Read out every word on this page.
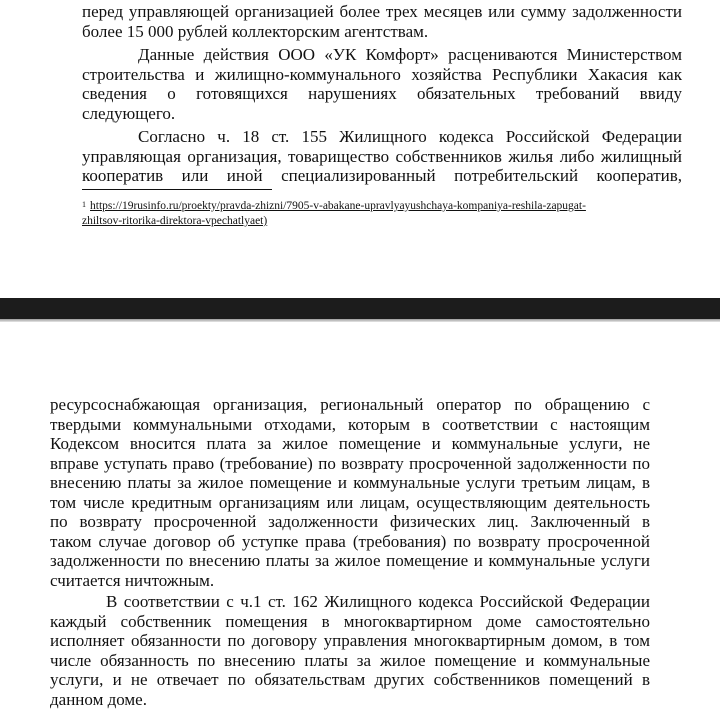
перед управляющей организацией более трех месяцев или сумму задолженности
более 15 000 рублей коллекторским агентствам.

Данные действия ООО «УК Комфорт» расцениваются Министерством
строительства и жилищно-коммунального хозяйства Республики Хакасия как
сведения о готовящихся нарушениях обязательных требований ввиду
следующего.

Согласно ч. 18 ст. 155 Жилищного кодекса Российской Федерации
управляющая организация, товарищество собственников жилья либо жилищный
кооператив или иной специализированный потребительский кооператив,

$^1$ https://19rusinfo.ru/proekty/pravda-zhizni/7905-v-abakane-upravlyayushchaya-kompaniya-reshila-zapugat-
zhiltsov-ritorika-direktora-vpechatlyaet)

ресурсоснабжающая организация, региональный оператор по обращению с
твердыми коммунальными отходами, которым в соответствии с настоящим
Кодексом вносится плата за жилое помещение и коммунальные услуги, не
вправе уступать право (требование) по возврату просроченной задолженности по
внесению платы за жилое помещение и коммунальные услуги третьим лицам, в
том числе кредитным организациям или лицам, осуществляющим деятельность
по возврату просроченной задолженности физических лиц. Заключенный в
таком случае договор об уступке права (требования) по возврату просроченной
задолженности по внесению платы за жилое помещение и коммунальные услуги
считается ничтожным.

В соответствии с ч.1 ст. 162 Жилищного кодекса Российской Федерации
каждый собственник помещения в многоквартирном доме самостоятельно
исполняет обязанности по договору управления многоквартирным домом, в том
числе обязанность по внесению платы за жилое помещение и коммунальные
услуги, и не отвечает по обязательствам других собственников помещений в
данном доме.
